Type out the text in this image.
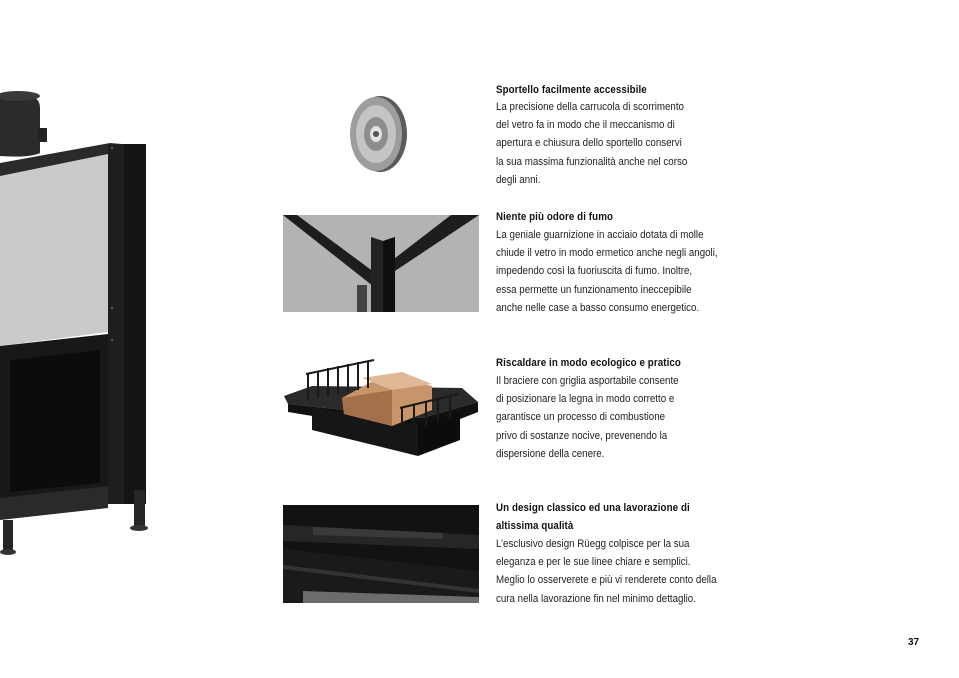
Sportello facilmente accessibile
La precisione della carrucola di scorrimento
del vetro fa in modo che il meccanismo di
apertura e chiusura dello sportello conservi
la sua massima funzionalità anche nel corso
degli anni.
Niente più odore di fumo
La geniale guarnizione in acciaio dotata di molle
chiude il vetro in modo ermetico anche negli angoli,
impedendo così la fuoriuscita di fumo. Inoltre,
essa permette un funzionamento ineccepibile
anche nelle case a basso consumo energetico.
Riscaldare in modo ecologico e pratico
Il braciere con griglia asportabile consente
di posizionare la legna in modo corretto e
garantisce un processo di combustione
privo di sostanze nocive, prevenendo la
dispersione della cenere.
Un design classico ed una lavorazione di
altissima qualità
L’esclusivo design Rüegg colpisce per la sua
eleganza e per le sue linee chiare e semplici.
Meglio lo osserverete e più vi renderete conto della
cura nella lavorazione fin nel minimo dettaglio.
37
